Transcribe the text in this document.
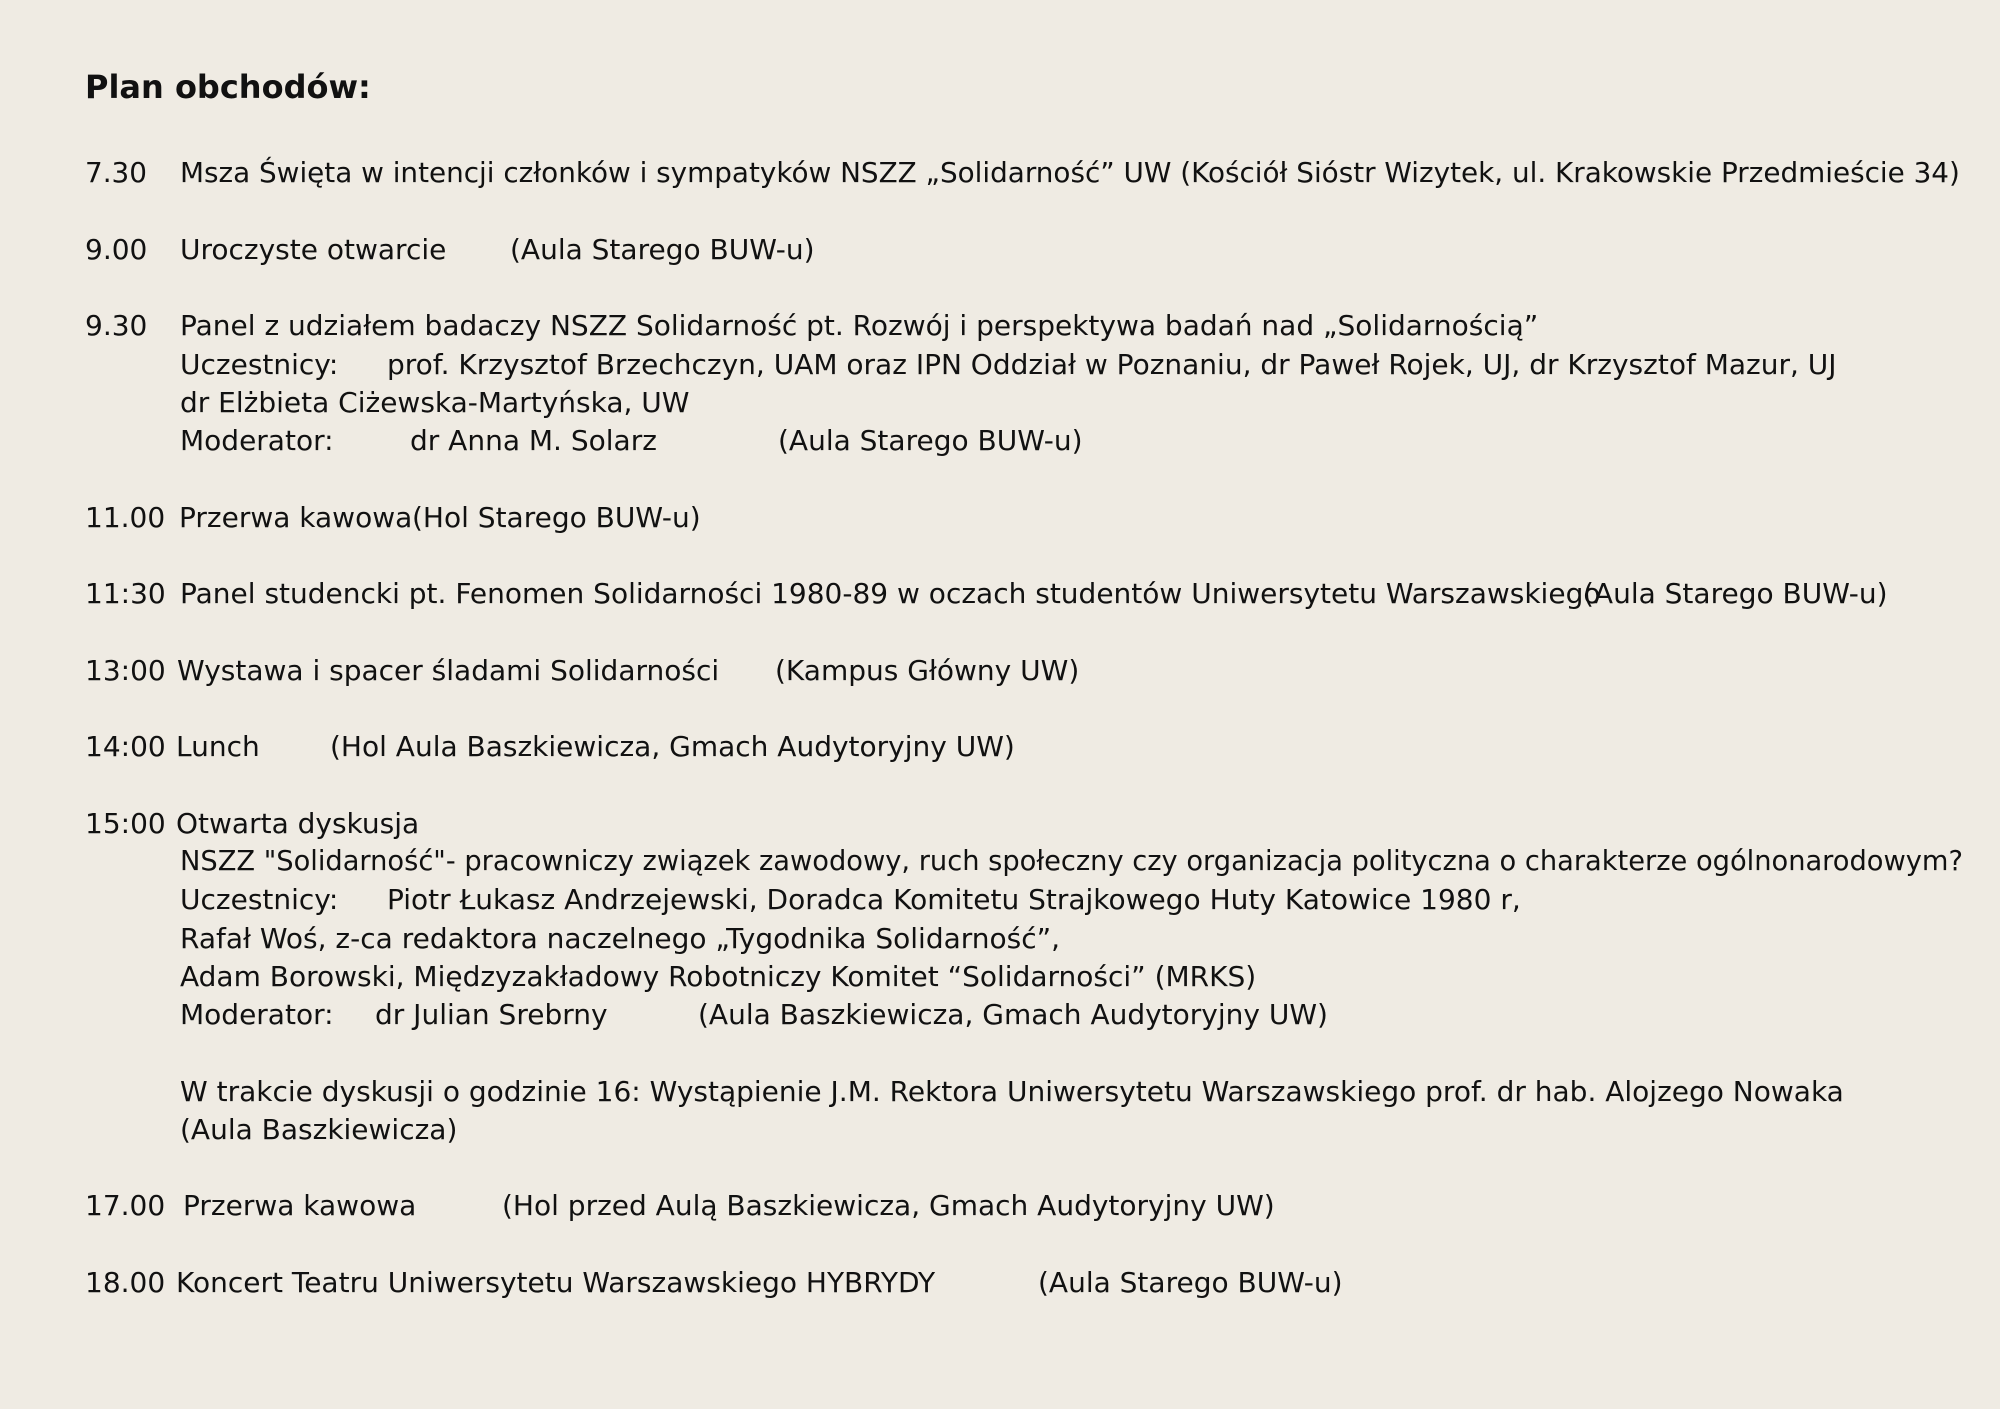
Plan obchodów:
7.30 Msza Święta w intencji członków i sympatyków NSZZ „Solidarność” UW (Kościół Sióstr Wizytek, ul. Krakowskie Przedmieście 34)
9.00 Uroczyste otwarcie (Aula Starego BUW-u)
9.30 Panel z udziałem badaczy NSZZ Solidarność pt. Rozwój i perspektywa badań nad „Solidarnością”
Uczestnicy: prof. Krzysztof Brzechczyn, UAM oraz IPN Oddział w Poznaniu, dr Paweł Rojek, UJ, dr Krzysztof Mazur, UJ
dr Elżbieta Ciżewska-Martyńska, UW
Moderator:	dr Anna M. Solarz	(Aula Starego BUW-u)
11.00 Przerwa kawowa (Hol Starego BUW-u)
11:30 Panel studencki pt. Fenomen Solidarności 1980-89 w oczach studentów Uniwersytetu Warszawskiego
(Aula Starego BUW-u)
13:00 Wystawa i spacer śladami Solidarności (Kampus Główny UW)
14:00 Lunch	(Hol Aula Baszkiewicza, Gmach Audytoryjny UW)
15:00 Otwarta dyskusja
NSZZ "Solidarność"- pracowniczy związek zawodowy, ruch społeczny czy organizacja polityczna o charakterze ogólnonarodowym?
Uczestnicy: Piotr Łukasz Andrzejewski, Doradca Komitetu Strajkowego Huty Katowice 1980 r,
Rafał Woś, z-ca redaktora naczelnego „Tygodnika Solidarność”,
Adam Borowski, Międzyzakładowy Robotniczy Komitet “Solidarności” (MRKS)
Moderator: dr Julian Srebrny	(Aula Baszkiewicza, Gmach Audytoryjny UW)
W trakcie dyskusji o godzinie 16: Wystąpienie J.M. Rektora Uniwersytetu Warszawskiego prof. dr hab. Alojzego Nowaka
(Aula Baszkiewicza)
17.00 Przerwa kawowa	(Hol przed Aulą Baszkiewicza, Gmach Audytoryjny UW)
18.00 Koncert Teatru Uniwersytetu Warszawskiego HYBRYDY	(Aula Starego BUW-u)
